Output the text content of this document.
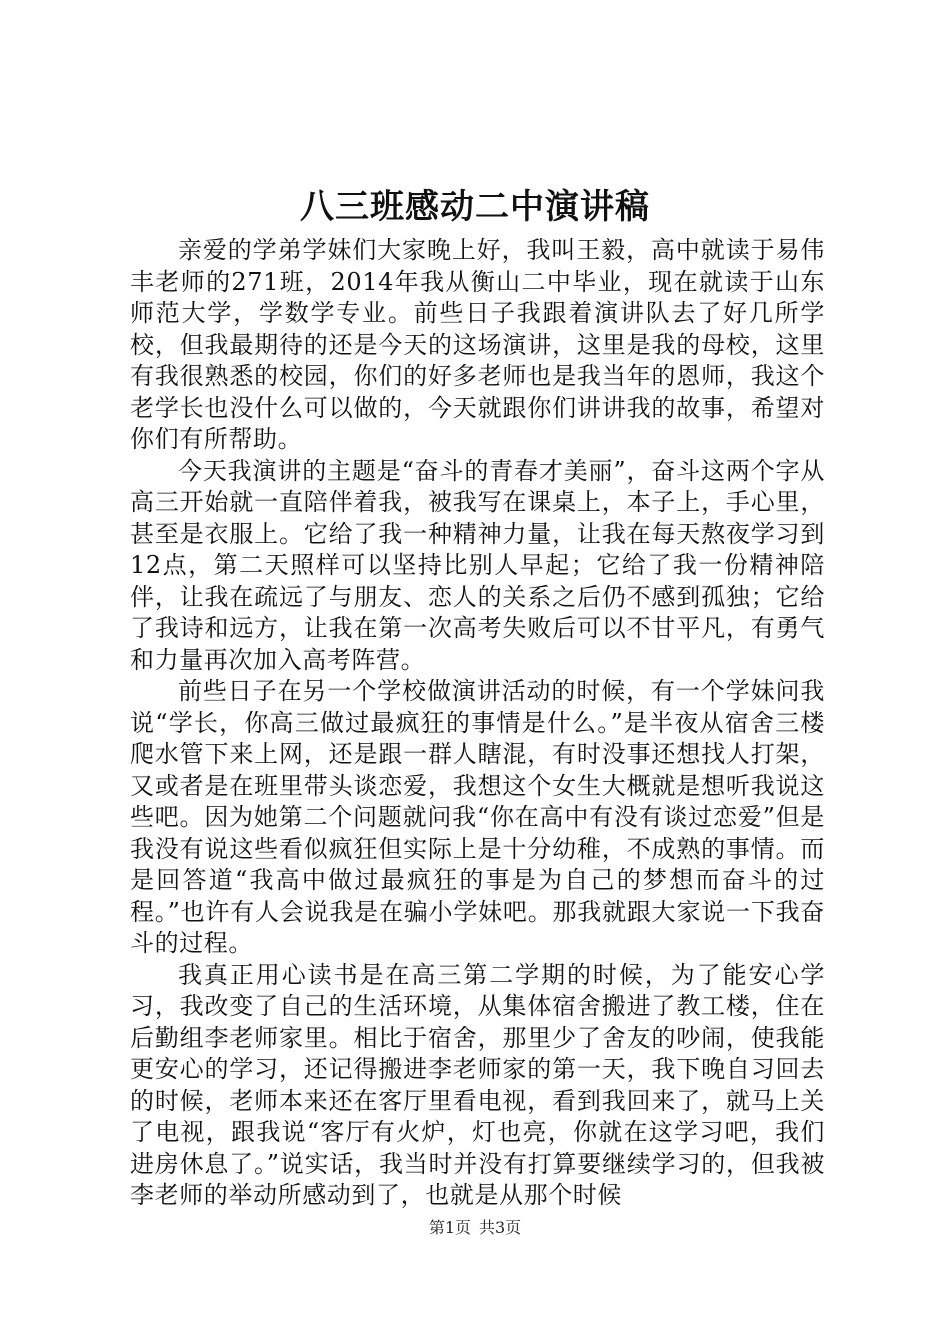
八三班感动二中演讲稿

亲爱的学弟学妹们大家晚上好，我叫王毅，高中就读于易伟丰老师的271班，2014年我从衡山二中毕业，现在就读于山东师范大学，学数学专业。前些日子我跟着演讲队去了好几所学校，但我最期待的还是今天的这场演讲，这里是我的母校，这里有我很熟悉的校园，你们的好多老师也是我当年的恩师，我这个老学长也没什么可以做的，今天就跟你们讲讲我的故事，希望对你们有所帮助。

今天我演讲的主题是“奋斗的青春才美丽”，奋斗这两个字从高三开始就一直陪伴着我，被我写在课桌上，本子上，手心里，甚至是衣服上。它给了我一种精神力量，让我在每天熬夜学习到12点，第二天照样可以坚持比别人早起；它给了我一份精神陪伴，让我在疏远了与朋友、恋人的关系之后仍不感到孤独；它给了我诗和远方，让我在第一次高考失败后可以不甘平凡，有勇气和力量再次加入高考阵营。

前些日子在另一个学校做演讲活动的时候，有一个学妹问我说“学长，你高三做过最疯狂的事情是什么。”是半夜从宿舍三楼爬水管下来上网，还是跟一群人瞎混，有时没事还想找人打架，又或者是在班里带头谈恋爱，我想这个女生大概就是想听我说这些吧。因为她第二个问题就问我“你在高中有没有谈过恋爱”但是我没有说这些看似疯狂但实际上是十分幼稚，不成熟的事情。而是回答道“我高中做过最疯狂的事是为自己的梦想而奋斗的过程。”也许有人会说我是在骗小学妹吧。那我就跟大家说一下我奋斗的过程。

我真正用心读书是在高三第二学期的时候，为了能安心学习，我改变了自己的生活环境，从集体宿舍搬进了教工楼，住在后勤组李老师家里。相比于宿舍，那里少了舍友的吵闹，使我能更安心的学习，还记得搬进李老师家的第一天，我下晚自习回去的时候，老师本来还在客厅里看电视，看到我回来了，就马上关了电视，跟我说“客厅有火炉，灯也亮，你就在这学习吧，我们进房休息了。”说实话，我当时并没有打算要继续学习的，但我被李老师的举动所感动到了，也就是从那个时候

第1页 共3页
